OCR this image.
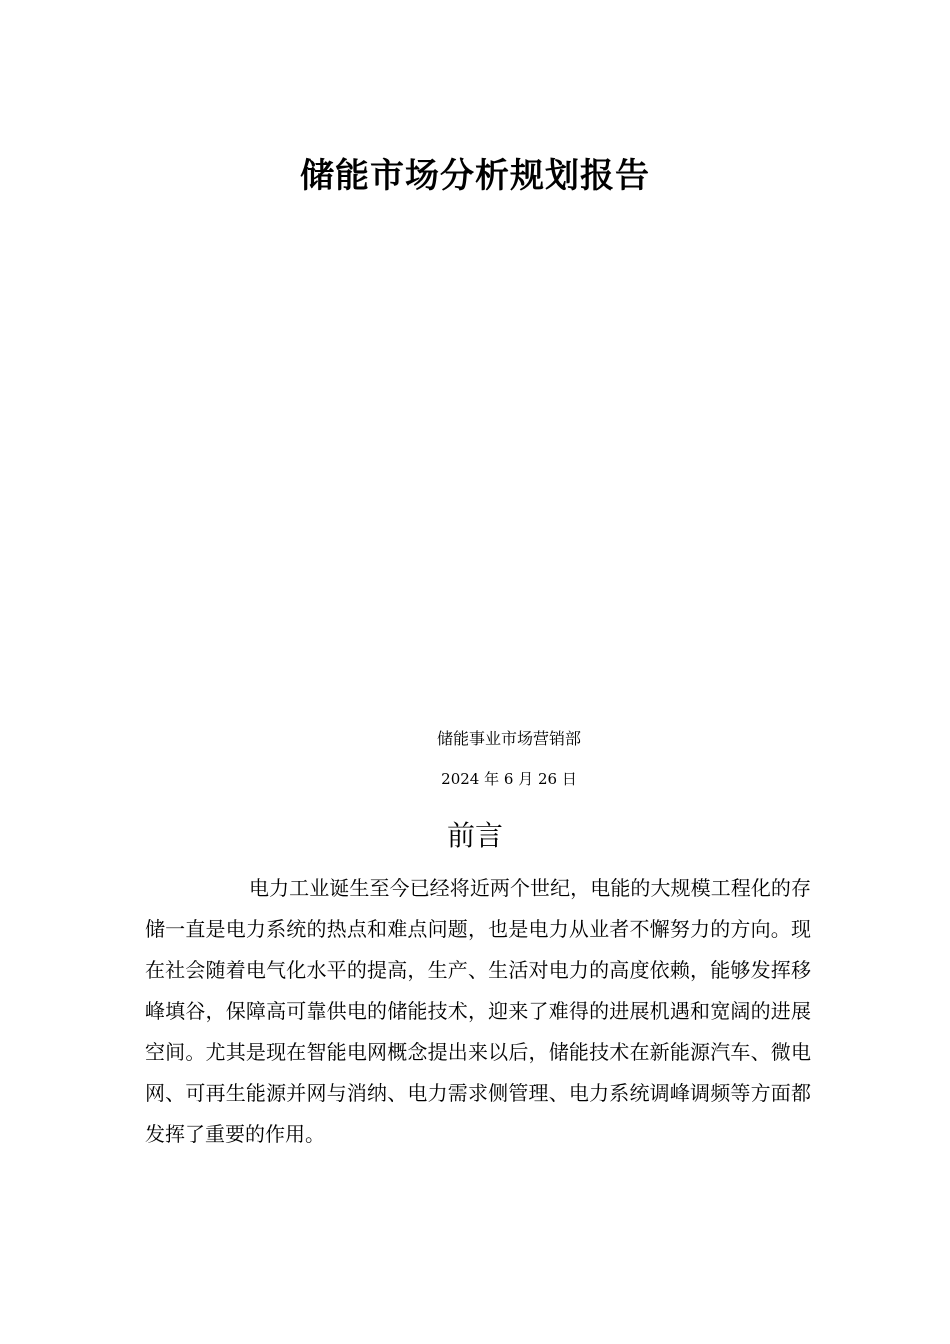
储能市场分析规划报告
储能事业市场营销部
2024 年 6 月 26 日
前言

电力工业诞生至今已经将近两个世纪，电能的大规模工程化的存储一直是电力系统的热点和难点问题，也是电力从业者不懈努力的方向。现在社会随着电气化水平的提高，生产、生活对电力的高度依赖，能够发挥移峰填谷，保障高可靠供电的储能技术，迎来了难得的进展机遇和宽阔的进展空间。尤其是现在智能电网概念提出来以后，储能技术在新能源汽车、微电网、可再生能源并网与消纳、电力需求侧管理、电力系统调峰调频等方面都发挥了重要的作用。
